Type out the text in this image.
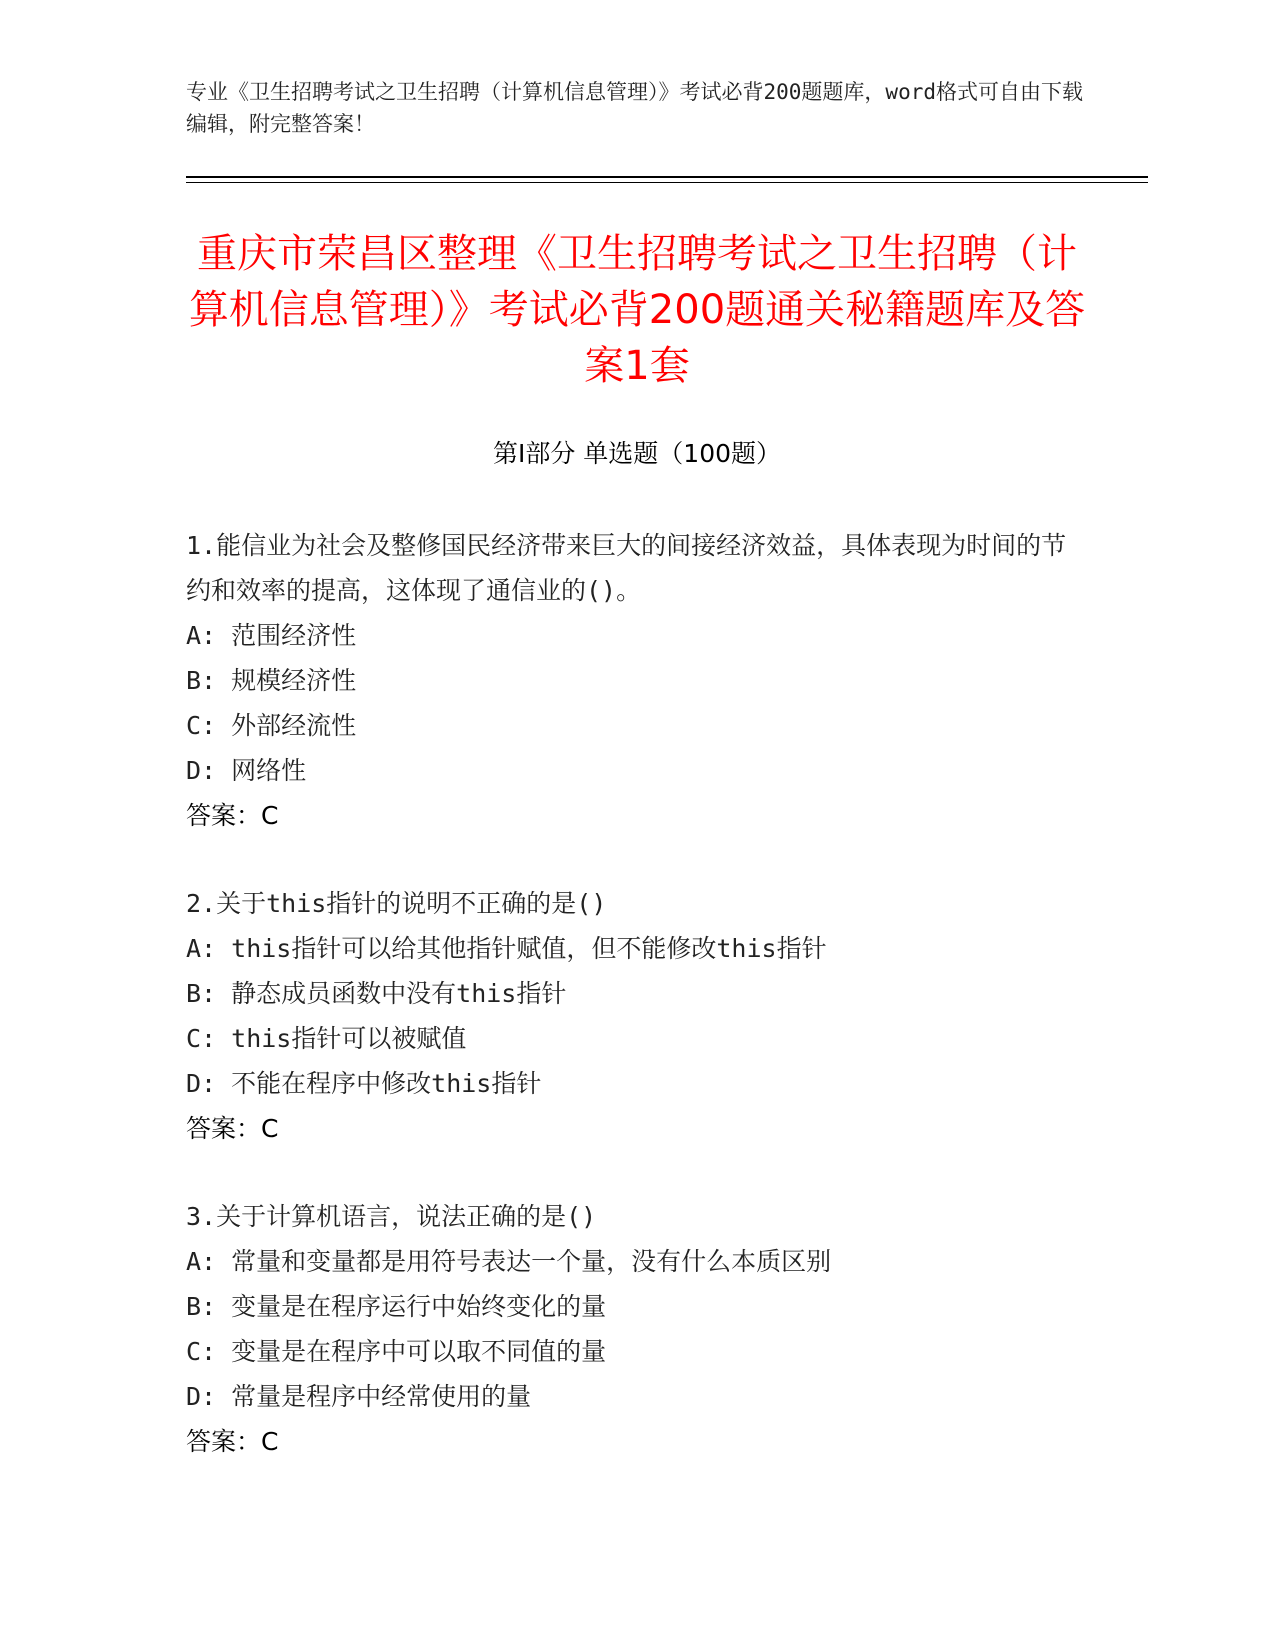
专业《卫生招聘考试之卫生招聘（计算机信息管理）》考试必背200题题库，word格式可自由下载编辑，附完整答案！
重庆市荣昌区整理《卫生招聘考试之卫生招聘（计算机信息管理）》考试必背200题通关秘籍题库及答案1套
第Ⅰ部分 单选题（100题）
1.能信业为社会及整修国民经济带来巨大的间接经济效益，具体表现为时间的节约和效率的提高，这体现了通信业的()。
A: 范围经济性
B: 规模经济性
C: 外部经流性
D: 网络性
答案：C
2.关于this指针的说明不正确的是()
A: this指针可以给其他指针赋值，但不能修改this指针
B: 静态成员函数中没有this指针
C: this指针可以被赋值
D: 不能在程序中修改this指针
答案：C
3.关于计算机语言，说法正确的是()
A: 常量和变量都是用符号表达一个量，没有什么本质区别
B: 变量是在程序运行中始终变化的量
C: 变量是在程序中可以取不同值的量
D: 常量是程序中经常使用的量
答案：C
